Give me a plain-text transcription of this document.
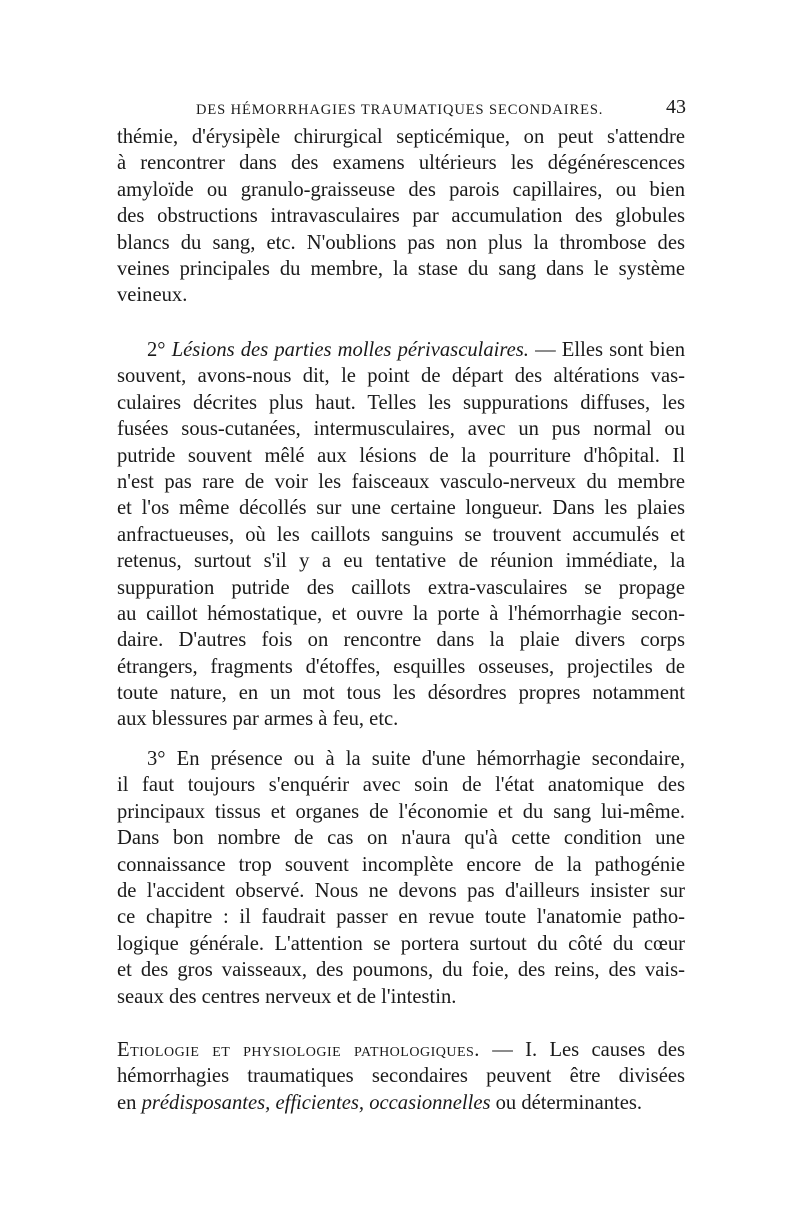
DES HÉMORRHAGIES TRAUMATIQUES SECONDAIRES.	43
thémie, d'érysipèle chirurgical septicémique, on peut s'attendre
à rencontrer dans des examens ultérieurs les dégénérescences
amyloïde ou granulo-graisseuse des parois capillaires, ou bien
des obstructions intravasculaires par accumulation des globules
blancs du sang, etc. N'oublions pas non plus la thrombose des
veines principales du membre, la stase du sang dans le système
veineux.
2° Lésions des parties molles périvasculaires. — Elles sont bien
souvent, avons-nous dit, le point de départ des altérations vas-
culaires décrites plus haut. Telles les suppurations diffuses, les
fusées sous-cutanées, intermusculaires, avec un pus normal ou
putride souvent mêlé aux lésions de la pourriture d'hôpital. Il
n'est pas rare de voir les faisceaux vasculo-nerveux du membre
et l'os même décollés sur une certaine longueur. Dans les plaies
anfractueuses, où les caillots sanguins se trouvent accumulés et
retenus, surtout s'il y a eu tentative de réunion immédiate, la
suppuration putride des caillots extra-vasculaires se propage
au caillot hémostatique, et ouvre la porte à l'hémorrhagie secon-
daire. D'autres fois on rencontre dans la plaie divers corps
étrangers, fragments d'étoffes, esquilles osseuses, projectiles de
toute nature, en un mot tous les désordres propres notamment
aux blessures par armes à feu, etc.
3° En présence ou à la suite d'une hémorrhagie secondaire,
il faut toujours s'enquérir avec soin de l'état anatomique des
principaux tissus et organes de l'économie et du sang lui-même.
Dans bon nombre de cas on n'aura qu'à cette condition une
connaissance trop souvent incomplète encore de la pathogénie
de l'accident observé. Nous ne devons pas d'ailleurs insister sur
ce chapitre : il faudrait passer en revue toute l'anatomie patho-
logique générale. L'attention se portera surtout du côté du cœur
et des gros vaisseaux, des poumons, du foie, des reins, des vais-
seaux des centres nerveux et de l'intestin.
Etiologie et physiologie pathologiques. — I. Les causes des
hémorrhagies traumatiques secondaires peuvent être divisées
en prédisposantes, efficientes, occasionnelles ou déterminantes.
